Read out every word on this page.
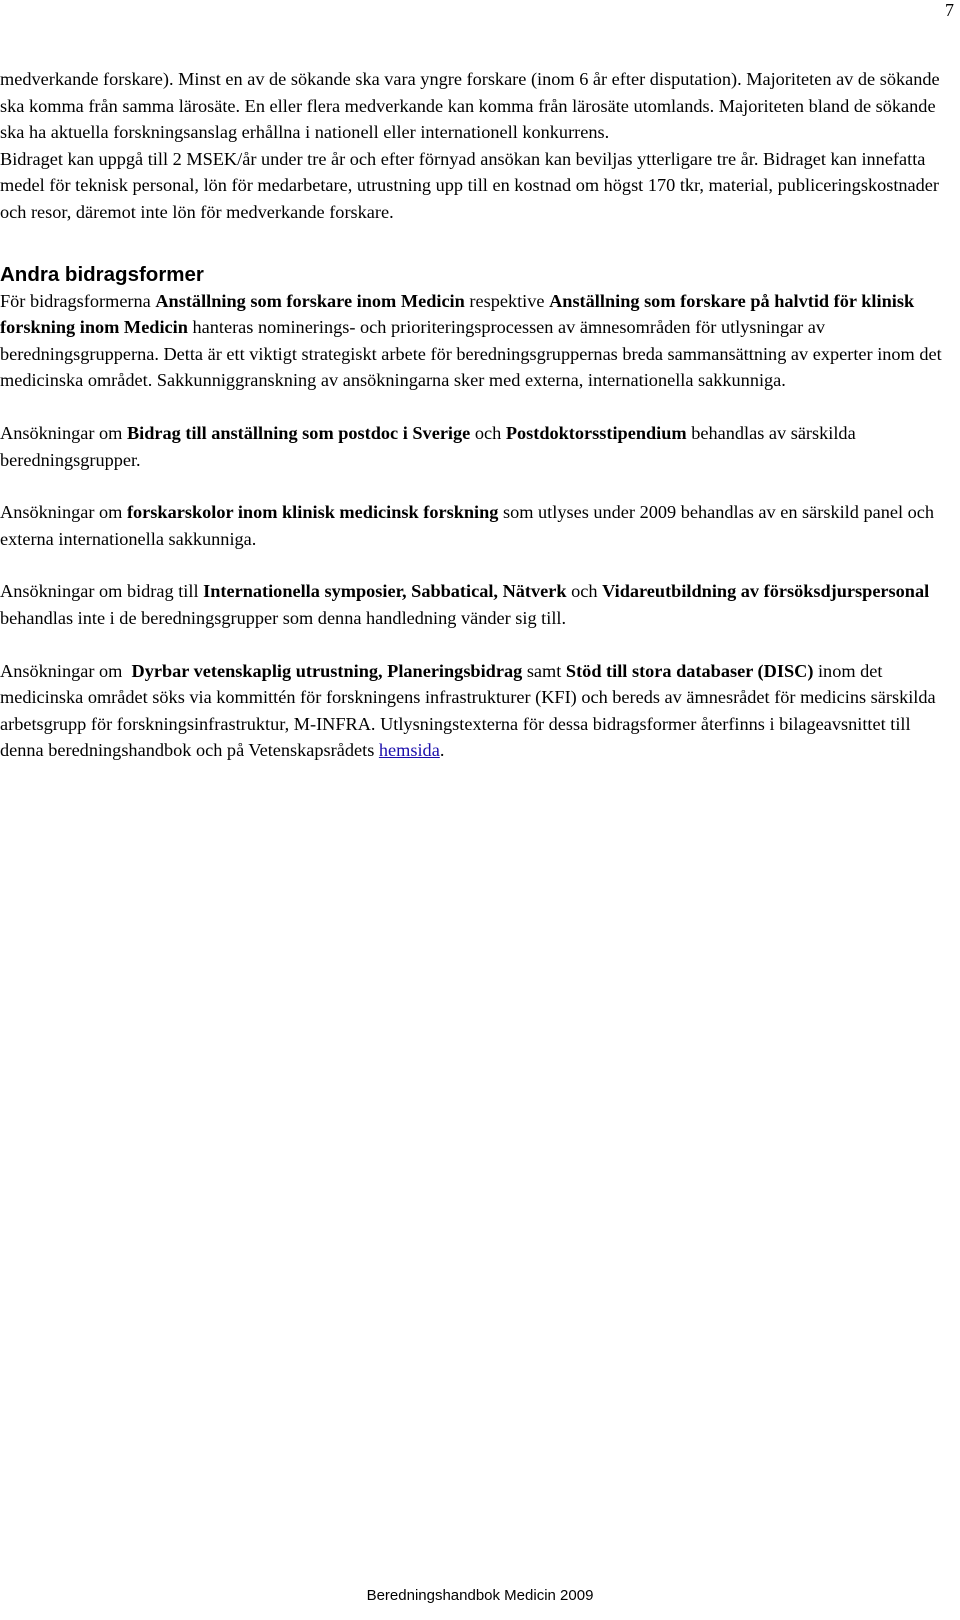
7

medverkande forskare). Minst en av de sökande ska vara yngre forskare (inom 6 år efter disputation). Majoriteten av de sökande ska komma från samma lärosäte. En eller flera medverkande kan komma från lärosäte utomlands. Majoriteten bland de sökande ska ha aktuella forskningsanslag erhållna i nationell eller internationell konkurrens.

Bidraget kan uppgå till 2 MSEK/år under tre år och efter förnyad ansökan kan beviljas ytterligare tre år. Bidraget kan innefatta medel för teknisk personal, lön för medarbetare, utrustning upp till en kostnad om högst 170 tkr, material, publiceringskostnader och resor, däremot inte lön för medverkande forskare.

Andra bidragsformer

För bidragsformerna Anställning som forskare inom Medicin respektive Anställning som forskare på halvtid för klinisk forskning inom Medicin hanteras nominerings- och prioriteringsprocessen av ämnesområden för utlysningar av beredningsgrupperna. Detta är ett viktigt strategiskt arbete för beredningsgruppernas breda sammansättning av experter inom det medicinska området. Sakkunniggranskning av ansökningarna sker med externa, internationella sakkunniga.

Ansökningar om Bidrag till anställning som postdoc i Sverige och Postdoktorsstipendium behandlas av särskilda beredningsgrupper.

Ansökningar om forskarskolor inom klinisk medicinsk forskning som utlyses under 2009 behandlas av en särskild panel och externa internationella sakkunniga.

Ansökningar om bidrag till Internationella symposier, Sabbatical, Nätverk och Vidareutbildning av försöksdjurspersonal behandlas inte i de beredningsgrupper som denna handledning vänder sig till.

Ansökningar om  Dyrbar vetenskaplig utrustning, Planeringsbidrag samt Stöd till stora databaser (DISC) inom det medicinska området söks via kommittén för forskningens infrastrukturer (KFI) och bereds av ämnesrådet för medicins särskilda arbetsgrupp för forskningsinfrastruktur, M-INFRA. Utlysningstexterna för dessa bidragsformer återfinns i bilageavsnittet till denna beredningshandbok och på Vetenskapsrådets hemsida.

Beredningshandbok Medicin 2009
